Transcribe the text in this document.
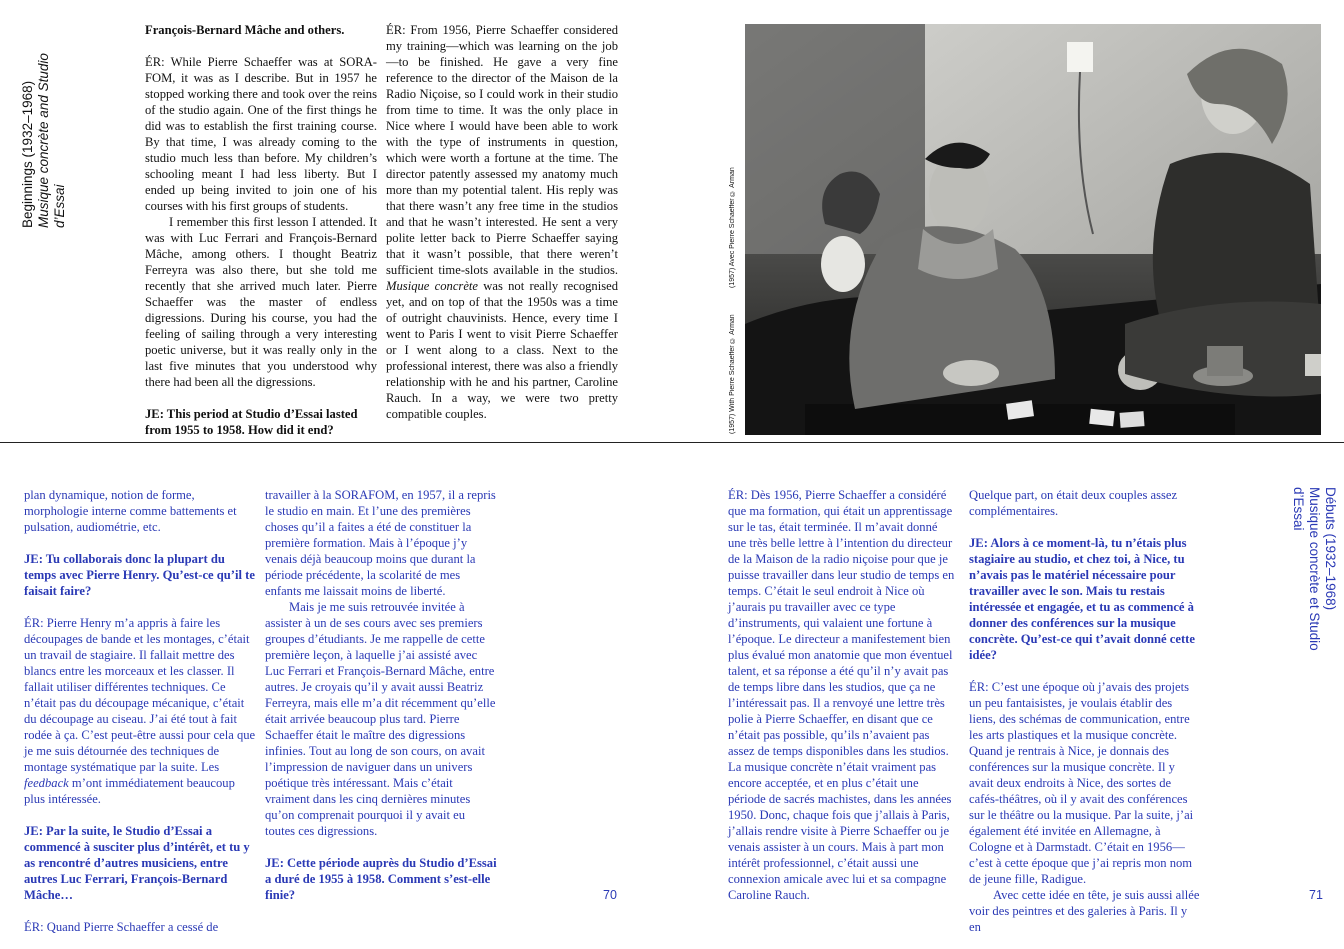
Beginnings (1932–1968) Musique concrète and Studio d’Essai

François-Bernard Mâche and others.

ÉR: While Pierre Schaeffer was at SORA-FOM, it was as I describe. But in 1957 he stopped working there and took over the reins of the studio again. One of the first things he did was to establish the first training course. By that time, I was already coming to the studio much less than before. My children’s schooling meant I had less liberty. But I ended up being invited to join one of his courses with his first groups of students.

I remember this first lesson I attended. It was with Luc Ferrari and François-Bernard Mâche, among others. I thought Beatriz Ferreyra was also there, but she told me recently that she arrived much later. Pierre Schaeffer was the master of endless digressions. During his course, you had the feeling of sailing through a very interesting poetic universe, but it was really only in the last five minutes that you understood why there had been all the digressions.

JE: This period at Studio d’Essai lasted from 1955 to 1958. How did it end?

ÉR: From 1956, Pierre Schaeffer considered my training—which was learning on the job—to be finished. He gave a very fine reference to the director of the Maison de la Radio Niçoise, so I could work in their studio from time to time. It was the only place in Nice where I would have been able to work with the type of instruments in question, which were worth a fortune at the time. The director patently assessed my anatomy much more than my potential talent. His reply was that there wasn’t any free time in the studios and that he wasn’t interested. He sent a very polite letter back to Pierre Schaeffer saying that it wasn’t possible, that there weren’t sufficient time-slots available in the studios. Musique concrète was not really recognised yet, and on top of that the 1950s was a time of outright chauvinists. Hence, every time I went to Paris I went to visit Pierre Schaeffer or I went along to a class. Next to the professional interest, there was also a friendly relationship with he and his partner, Caroline Rauch. In a way, we were two pretty compatible couples.	(1957) With Pierre Schaeffer © Arman
(1957) Avec Pierre Schaeffer © Arman

plan dynamique, notion de forme, morphologie interne comme battements et pulsation, audiométrie, etc.

JE: Tu collaborais donc la plupart du temps avec Pierre Henry. Qu’est-ce qu’il te faisait faire?

ÉR: Pierre Henry m’a appris à faire les découpages de bande et les montages, c’était un travail de stagiaire. Il fallait mettre des blancs entre les morceaux et les classer. Il fallait utiliser différentes techniques. Ce n’était pas du découpage mécanique, c’était du découpage au ciseau. J’ai été tout à fait rodée à ça. C’est peut-être aussi pour cela que je me suis détournée des techniques de montage systématique par la suite. Les feedback m’ont immédiatement beaucoup plus intéressée.

JE: Par la suite, le Studio d’Essai a commencé à susciter plus d’intérêt, et tu y as rencontré d’autres musiciens, entre autres Luc Ferrari, François-Bernard Mâche…

ÉR: Quand Pierre Schaeffer a cessé de

travailler à la SORAFOM, en 1957, il a repris le studio en main. Et l’une des premières choses qu’il a faites a été de constituer la première formation. Mais à l’époque j’y venais déjà beaucoup moins que durant la période précédente, la scolarité de mes enfants me laissait moins de liberté.

Mais je me suis retrouvée invitée à assister à un de ses cours avec ses premiers groupes d’étudiants. Je me rappelle de cette première leçon, à laquelle j’ai assisté avec Luc Ferrari et François-Bernard Mâche, entre autres. Je croyais qu’il y avait aussi Beatriz Ferreyra, mais elle m’a dit récemment qu’elle était arrivée beaucoup plus tard. Pierre Schaeffer était le maître des digressions infinies. Tout au long de son cours, on avait l’impression de naviguer dans un univers poétique très intéressant. Mais c’était vraiment dans les cinq dernières minutes qu’on comprenait pourquoi il y avait eu toutes ces digressions.

JE: Cette période auprès du Studio d’Essai a duré de 1955 à 1958. Comment s’est-elle finie?	70

ÉR: Dès 1956, Pierre Schaeffer a considéré que ma formation, qui était un apprentissage sur le tas, était terminée. Il m’avait donné une très belle lettre à l’intention du directeur de la Maison de la radio niçoise pour que je puisse travailler dans leur studio de temps en temps. C’était le seul endroit à Nice où j’aurais pu travailler avec ce type d’instruments, qui valaient une fortune à l’époque. Le directeur a manifestement bien plus évalué mon anatomie que mon éventuel talent, et sa réponse a été qu’il n’y avait pas de temps libre dans les studios, que ça ne l’intéressait pas. Il a renvoyé une lettre très polie à Pierre Schaeffer, en disant que ce n’était pas possible, qu’ils n’avaient pas assez de temps disponibles dans les studios. La musique concrète n’était vraiment pas encore acceptée, et en plus c’était une période de sacrés machistes, dans les années 1950. Donc, chaque fois que j’allais à Paris, j’allais rendre visite à Pierre Schaeffer ou je venais assister à un cours. Mais à part mon intérêt professionnel, c’était aussi une connexion amicale avec lui et sa compagne Caroline Rauch.

Quelque part, on était deux couples assez complémentaires.

JE: Alors à ce moment-là, tu n’étais plus stagiaire au studio, et chez toi, à Nice, tu n’avais pas le matériel nécessaire pour travailler avec le son. Mais tu restais intéressée et engagée, et tu as commencé à donner des conférences sur la musique concrète. Qu’est-ce qui t’avait donné cette idée?

ÉR: C’est une époque où j’avais des projets un peu fantaisistes, je voulais établir des liens, des schémas de communication, entre les arts plastiques et la musique concrète. Quand je rentrais à Nice, je donnais des conférences sur la musique concrète. Il y avait deux endroits à Nice, des sortes de cafés-théâtres, où il y avait des conférences sur le théâtre ou la musique. Par la suite, j’ai également été invitée en Allemagne, à Cologne et à Darmstadt. C’était en 1956—c’est à cette époque que j’ai repris mon nom de jeune fille, Radigue.

Avec cette idée en tête, je suis aussi allée voir des peintres et des galeries à Paris. Il y en

Débuts (1932–1968)
Musique concrète et Studio d’Essai
71
